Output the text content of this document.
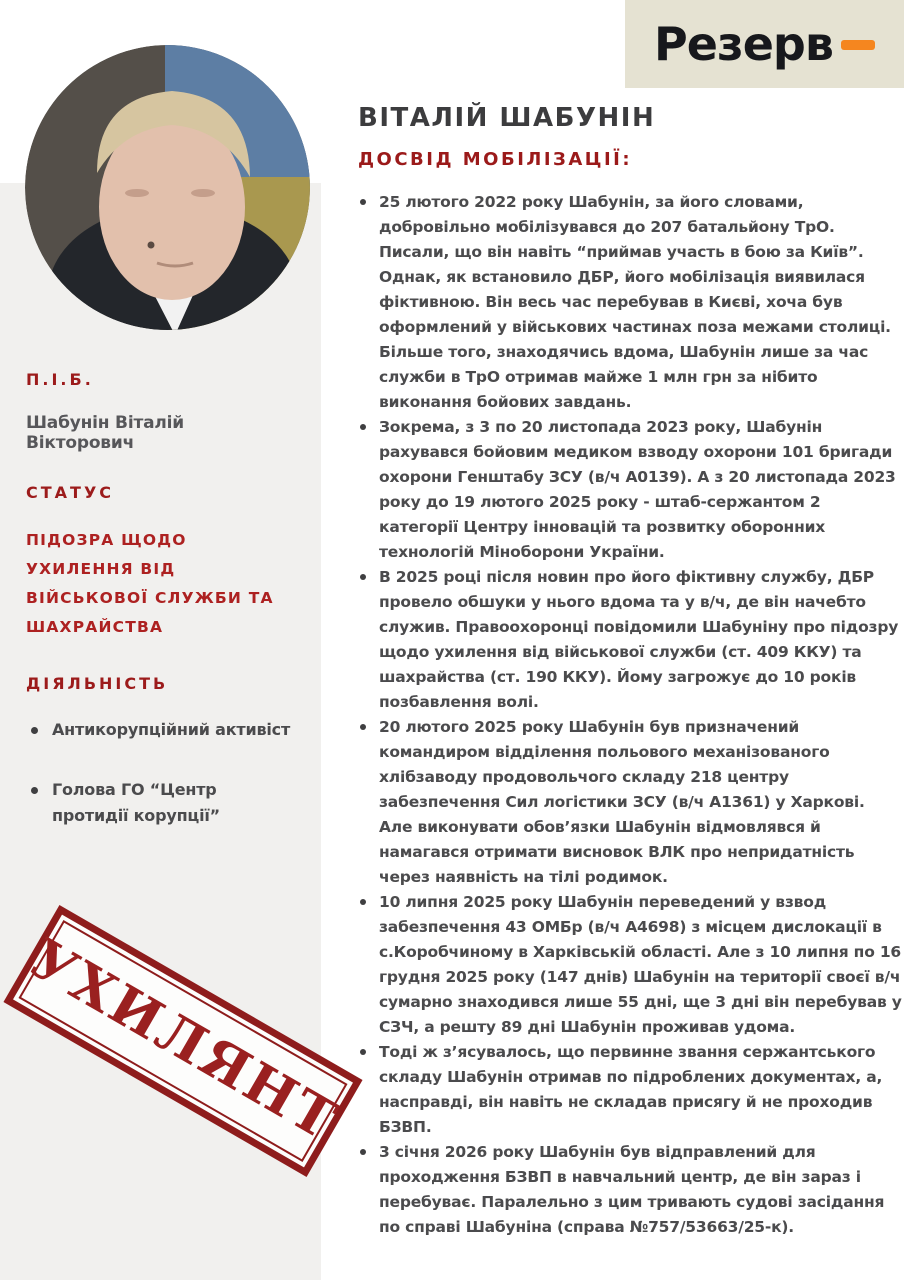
Резерв
П.І.Б.
Шабунін Віталій Вікторович
СТАТУС
ПІДОЗРА ЩОДО УХИЛЕННЯ ВІД ВІЙСЬКОВОЇ СЛУЖБИ ТА ШАХРАЙСТВА
ДІЯЛЬНІСТЬ
Антикорупційний активіст
Голова ГО “Центр протидії корупції”
ВІТАЛІЙ ШАБУНІН
ДОСВІД МОБІЛІЗАЦІЇ:
25 лютого 2022 року Шабунін, за його словами, добровільно мобілізувався до 207 батальйону ТрО. Писали, що він навіть “приймав участь в бою за Київ”. Однак, як встановило ДБР, його мобілізація виявилася фіктивною. Він весь час перебував в Києві, хоча був оформлений у військових частинах поза межами столиці. Більше того, знаходячись вдома, Шабунін лише за час служби в ТрО отримав майже 1 млн грн за нібито виконання бойових завдань.
Зокрема, з 3 по 20 листопада 2023 року, Шабунін рахувався бойовим медиком взводу охорони 101 бригади охорони Генштабу ЗСУ (в/ч А0139). А з 20 листопада 2023 року до 19 лютого 2025 року - штаб-сержантом 2 категорії Центру інновацій та розвитку оборонних технологій Міноборони України.
В 2025 році після новин про його фіктивну службу, ДБР провело обшуки у нього вдома та у в/ч, де він начебто служив. Правоохоронці повідомили Шабуніну про підозру щодо ухилення від військової служби (ст. 409 ККУ) та шахрайства (ст. 190 ККУ). Йому загрожує до 10 років позбавлення волі.
20 лютого 2025 року Шабунін був призначений командиром відділення польового механізованого хлібзаводу продовольчого складу 218 центру забезпечення Сил логістики ЗСУ (в/ч А1361) у Харкові. Але виконувати обов’язки Шабунін відмовлявся й намагався отримати висновок ВЛК про непридатність через наявність на тілі родимок.
10 липня 2025 року Шабунін переведений у взвод забезпечення 43 ОМБр (в/ч А4698) з місцем дислокації в с.Коробчиному в Харківській області. Але з 10 липня по 16 грудня 2025 року (147 днів) Шабунін на території своєї в/ч сумарно знаходився лише 55 дні, ще 3 дні він перебував у СЗЧ, а решту 89 дні Шабунін проживав удома.
Тоді ж з’ясувалось, що первинне звання сержантського складу Шабунін отримав по підроблених документах, а, насправді, він навіть не складав присягу й не проходив БЗВП.
3 січня 2026 року Шабунін був відправлений для проходження БЗВП в навчальний центр, де він зараз і перебуває. Паралельно з цим тривають судові засідання по справі Шабуніна (справа №757/53663/25-к).
УХИЛЯНТ
